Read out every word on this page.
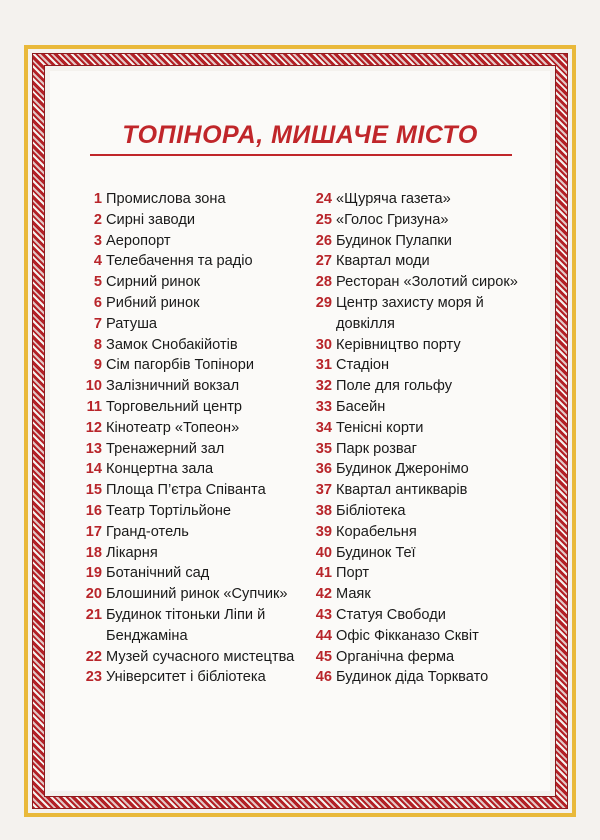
ТОПІНОРА, МИШАЧЕ МІСТО
1 Промислова зона
2 Сирні заводи
3 Аеропорт
4 Телебачення та радіо
5 Сирний ринок
6 Рибний ринок
7 Ратуша
8 Замок Снобакійотів
9 Сім пагорбів Топінори
10 Залізничний вокзал
11 Торговельний центр
12 Кінотеатр «Топеон»
13 Тренажерний зал
14 Концертна зала
15 Площа П’єтра Співанта
16 Театр Тортільйоне
17 Гранд-отель
18 Лікарня
19 Ботанічний сад
20 Блошиний ринок «Супчик»
21 Будинок тітоньки Ліпи й Бенджаміна
22 Музей сучасного мистецтва
23 Університет і бібліотека
24 «Щуряча газета»
25 «Голос Гризуна»
26 Будинок Пулапки
27 Квартал моди
28 Ресторан «Золотий сирок»
29 Центр захисту моря й довкілля
30 Керівництво порту
31 Стадіон
32 Поле для гольфу
33 Басейн
34 Тенісні корти
35 Парк розваг
36 Будинок Джеронімо
37 Квартал антикварів
38 Бібліотека
39 Корабельня
40 Будинок Теї
41 Порт
42 Маяк
43 Статуя Свободи
44 Офіс Фікканазо Сквіт
45 Органічна ферма
46 Будинок діда Торквато
